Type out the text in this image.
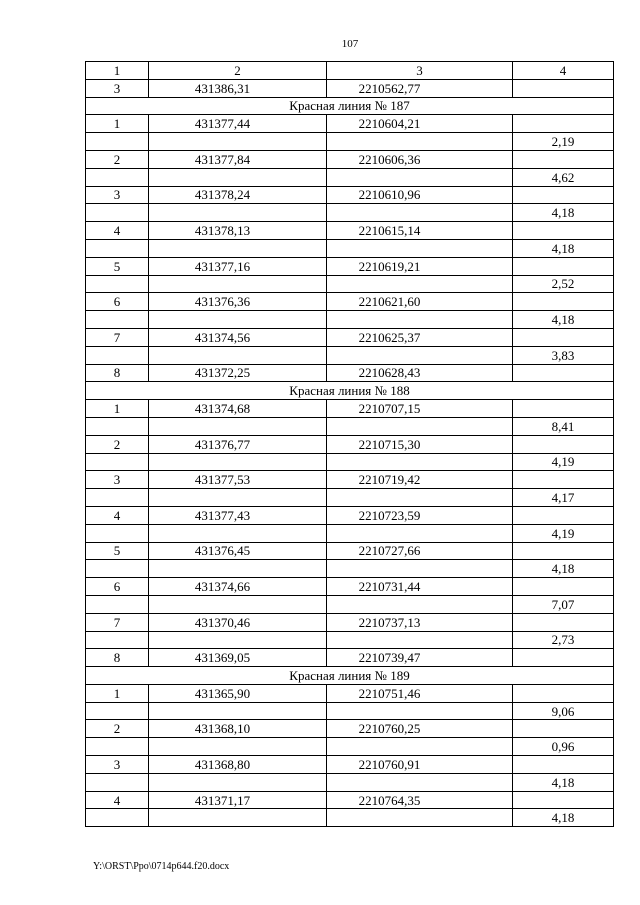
107
1	2	3	4
3	431386,31	2210562,77	
Красная линия № 187			
1	431377,44	2210604,21	
			2,19
2	431377,84	2210606,36	
			4,62
3	431378,24	2210610,96	
			4,18
4	431378,13	2210615,14	
			4,18
5	431377,16	2210619,21	
			2,52
6	431376,36	2210621,60	
			4,18
7	431374,56	2210625,37	
			3,83
8	431372,25	2210628,43	
Красная линия № 188			
1	431374,68	2210707,15	
			8,41
2	431376,77	2210715,30	
			4,19
3	431377,53	2210719,42	
			4,17
4	431377,43	2210723,59	
			4,19
5	431376,45	2210727,66	
			4,18
6	431374,66	2210731,44	
			7,07
7	431370,46	2210737,13	
			2,73
8	431369,05	2210739,47	
Красная линия № 189			
1	431365,90	2210751,46	
			9,06
2	431368,10	2210760,25	
			0,96
3	431368,80	2210760,91	
			4,18
4	431371,17	2210764,35	
			4,18
Y:\ORST\Ppo\0714p644.f20.docx
